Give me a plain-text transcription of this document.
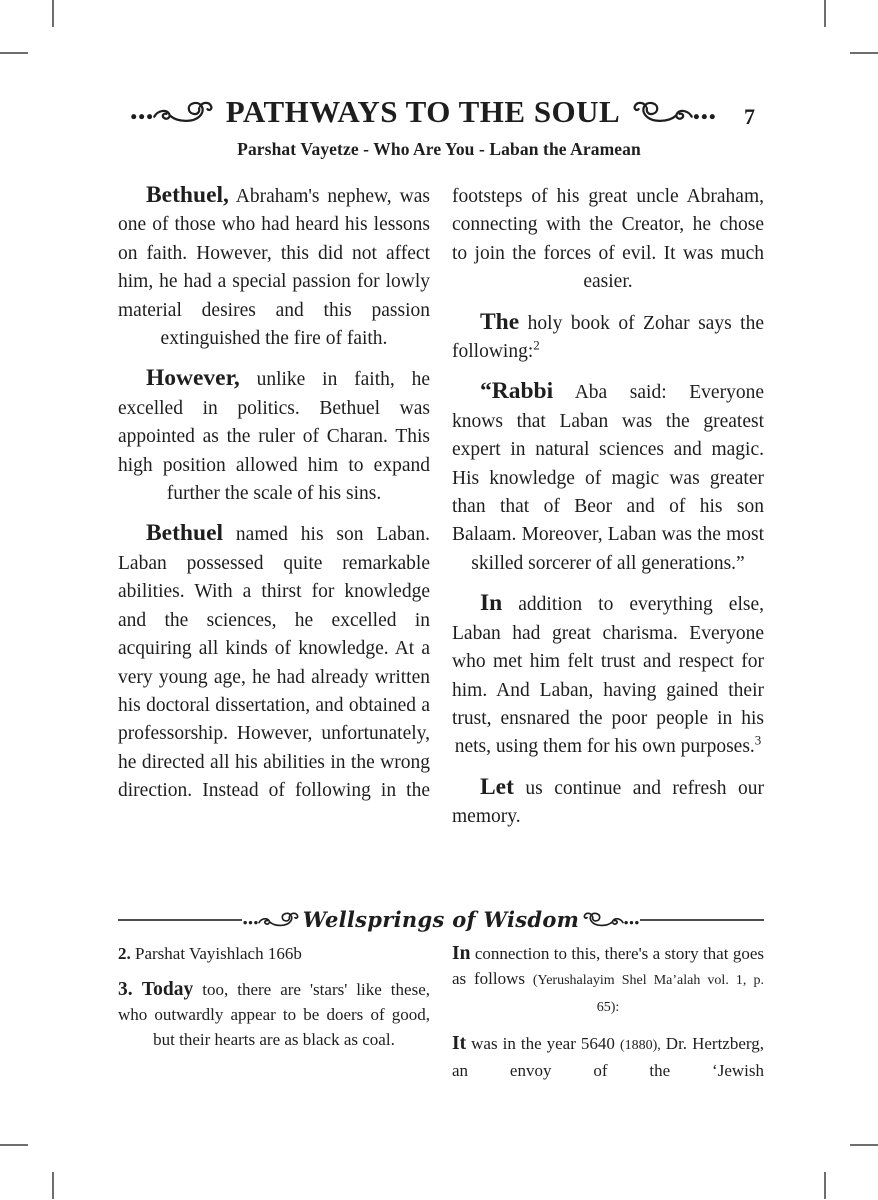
PATHWAYS TO THE SOUL	7
Parshat Vayetze - Who Are You - Laban the Aramean

Bethuel, Abraham's nephew, was one of those who had heard his lessons on faith. However, this did not affect him, he had a special passion for lowly material desires and this passion extinguished the fire of faith.

However, unlike in faith, he excelled in politics. Bethuel was appointed as the ruler of Charan. This high position allowed him to expand further the scale of his sins.

Bethuel named his son Laban. Laban possessed quite remarkable abilities. With a thirst for knowledge and the sciences, he excelled in acquiring all kinds of knowledge. At a very young age, he had already written his doctoral dissertation, and obtained a professorship. However, unfortunately, he directed all his abilities in the wrong direction. Instead of following in the

footsteps of his great uncle Abraham, connecting with the Creator, he chose to join the forces of evil. It was much easier.

The holy book of Zohar says the following:$^2$

“Rabbi Aba said: Everyone knows that Laban was the greatest expert in natural sciences and magic. His knowledge of magic was greater than that of Beor and of his son Balaam. Moreover, Laban was the most skilled sorcerer of all generations.”

In addition to everything else, Laban had great charisma. Everyone who met him felt trust and respect for him. And Laban, having gained their trust, ensnared the poor people in his nets, using them for his own purposes.$^3$

Let us continue and refresh our memory.

Wellsprings of Wisdom

2. Parshat Vayishlach 166b

3. Today too, there are 'stars' like these, who outwardly appear to be doers of good, but their hearts are as black as coal.

In connection to this, there's a story that goes as follows (Yerushalayim Shel Ma’alah vol. 1, p. 65):

It was in the year 5640 (1880), Dr. Hertzberg, an envoy of the ‘Jewish
